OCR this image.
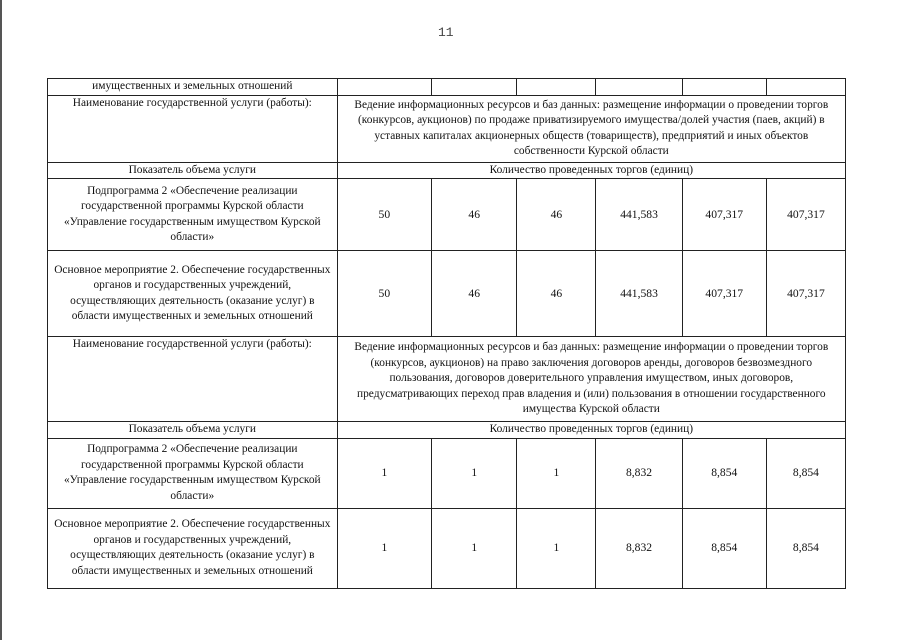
11
имущественных и земельных отношений						
Наименование государственной услуги (работы):	Ведение информационных ресурсов и баз данных: размещение информации о проведении торгов (конкурсов, аукционов) по продаже приватизируемого имущества/долей участия (паев, акций) в уставных капиталах акционерных обществ (товариществ), предприятий и иных объектов собственности Курской области					
Показатель объема услуги	Количество проведенных торгов (единиц)					
Подпрограмма 2 «Обеспечение реализации государственной программы Курской области «Управление государственным имуществом Курской области»	50	46	46	441,583	407,317	407,317
Основное мероприятие 2. Обеспечение государственных органов и государственных учреждений, осуществляющих деятельность (оказание услуг) в области имущественных и земельных отношений	50	46	46	441,583	407,317	407,317
Наименование государственной услуги (работы):	Ведение информационных ресурсов и баз данных: размещение информации о проведении торгов (конкурсов, аукционов) на право заключения договоров аренды, договоров безвозмездного пользования, договоров доверительного управления имуществом, иных договоров, предусматривающих переход прав владения и (или) пользования в отношении государственного имущества Курской области					
Показатель объема услуги	Количество проведенных торгов (единиц)					
Подпрограмма 2 «Обеспечение реализации государственной программы Курской области «Управление государственным имуществом Курской области»	1	1	1	8,832	8,854	8,854
Основное мероприятие 2. Обеспечение государственных органов и государственных учреждений, осуществляющих деятельность (оказание услуг) в области имущественных и земельных отношений	1	1	1	8,832	8,854	8,854
